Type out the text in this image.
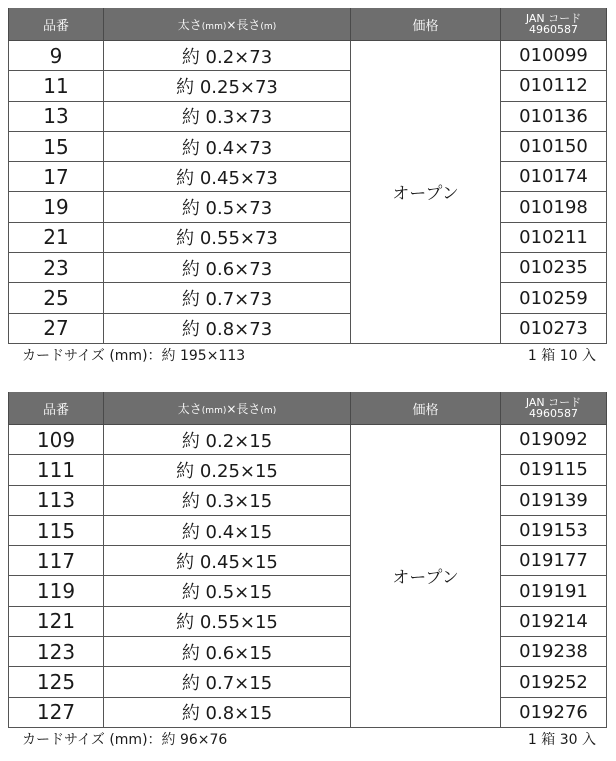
品番	太さ(mm)×長さ(m)	価格	JAN コード
4960587
9	約 0.2×73	オープン	010099
11	約 0.25×73		010112
13	約 0.3×73		010136
15	約 0.4×73		010150
17	約 0.45×73		010174
19	約 0.5×73		010198
21	約 0.55×73		010211
23	約 0.6×73		010235
25	約 0.7×73		010259
27	約 0.8×73		010273
カードサイズ (mm)：約 195×113	1 箱 10 入
品番	太さ(mm)×長さ(m)	価格	JAN コード
4960587
109	約 0.2×15	オープン	019092
111	約 0.25×15		019115
113	約 0.3×15		019139
115	約 0.4×15		019153
117	約 0.45×15		019177
119	約 0.5×15		019191
121	約 0.55×15		019214
123	約 0.6×15		019238
125	約 0.7×15		019252
127	約 0.8×15		019276
カードサイズ (mm)：約 96×76	1 箱 30 入
